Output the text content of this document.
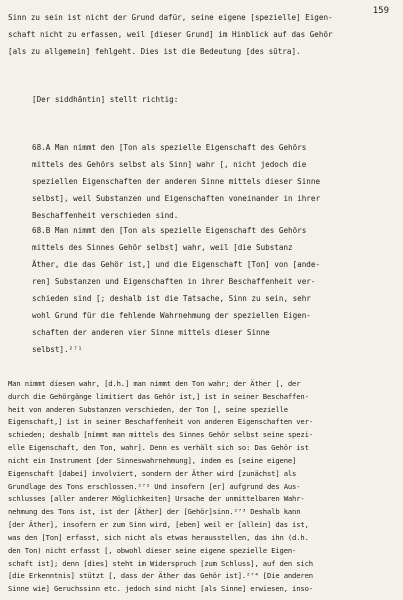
159
Sinn zu sein ist nicht der Grund dafür, seine eigene [spezielle] Eigen-
schaft nicht zu erfassen, weil [dieser Grund] im Hinblick auf das Gehör
[als zu allgemein] fehlgeht. Dies ist die Bedeutung [des sūtra].
[Der siddhāntin] stellt richtig:
68.A Man nimmt den [Ton als spezielle Eigenschaft des Gehörs
mittels des Gehörs selbst als Sinn] wahr [, nicht jedoch die
speziellen Eigenschaften der anderen Sinne mittels dieser Sinne
selbst], weil Substanzen und Eigenschaften voneinander in ihrer
Beschaffenheit verschieden sind.
68.B Man nimmt den [Ton als spezielle Eigenschaft des Gehörs
mittels des Sinnes Gehör selbst] wahr, weil [die Substanz
Äther, die das Gehör ist,] und die Eigenschaft [Ton] von [ande-
ren] Substanzen und Eigenschaften in ihrer Beschaffenheit ver-
schieden sind [; deshalb ist die Tatsache, Sinn zu sein, sehr
wohl Grund für die fehlende Wahrnehmung der speziellen Eigen-
schaften der anderen vier Sinne mittels dieser Sinne
selbst].²⁷¹
Man nimmt diesen wahr, [d.h.] man nimmt den Ton wahr; der Äther [, der
durch die Gehörgänge limitiert das Gehör ist,] ist in seiner Beschaffen-
heit von anderen Substanzen verschieden, der Ton [, seine spezielle
Eigenschaft,] ist in seiner Beschaffenheit von anderen Eigenschaften ver-
schieden; deshalb [nimmt man mittels des Sinnes Gehör selbst seine spezi-
elle Eigenschaft, den Ton, wahr]. Denn es verhält sich so: Das Gehör ist
nicht ein Instrument [der Sinneswahrnehmung], indem es [seine eigene]
Eigenschaft [dabei] involviert, sondern der Äther wird [zunächst] als
Grundlage des Tons erschlossen.²⁷² Und insofern [er] aufgrund des Aus-
schlusses [aller anderer Möglichkeiten] Ursache der unmittelbaren Wahr-
nehmung des Tons ist, ist der [Äther] der [Gehör]sinn.²⁷³ Deshalb kann
[der Äther], insofern er zum Sinn wird, [eben] weil er [allein] das ist,
was den [Ton] erfasst, sich nicht als etwas herausstellen, das ihn (d.h.
den Ton) nicht erfasst [, obwohl dieser seine eigene spezielle Eigen-
schaft ist]; denn [dies] steht im Widerspruch [zum Schluss], auf den sich
[die Erkenntnis] stützt [, dass der Äther das Gehör ist].²⁷⁴ [Die anderen
Sinne wie] Geruchssinn etc. jedoch sind nicht [als Sinne] erwiesen, inso-
